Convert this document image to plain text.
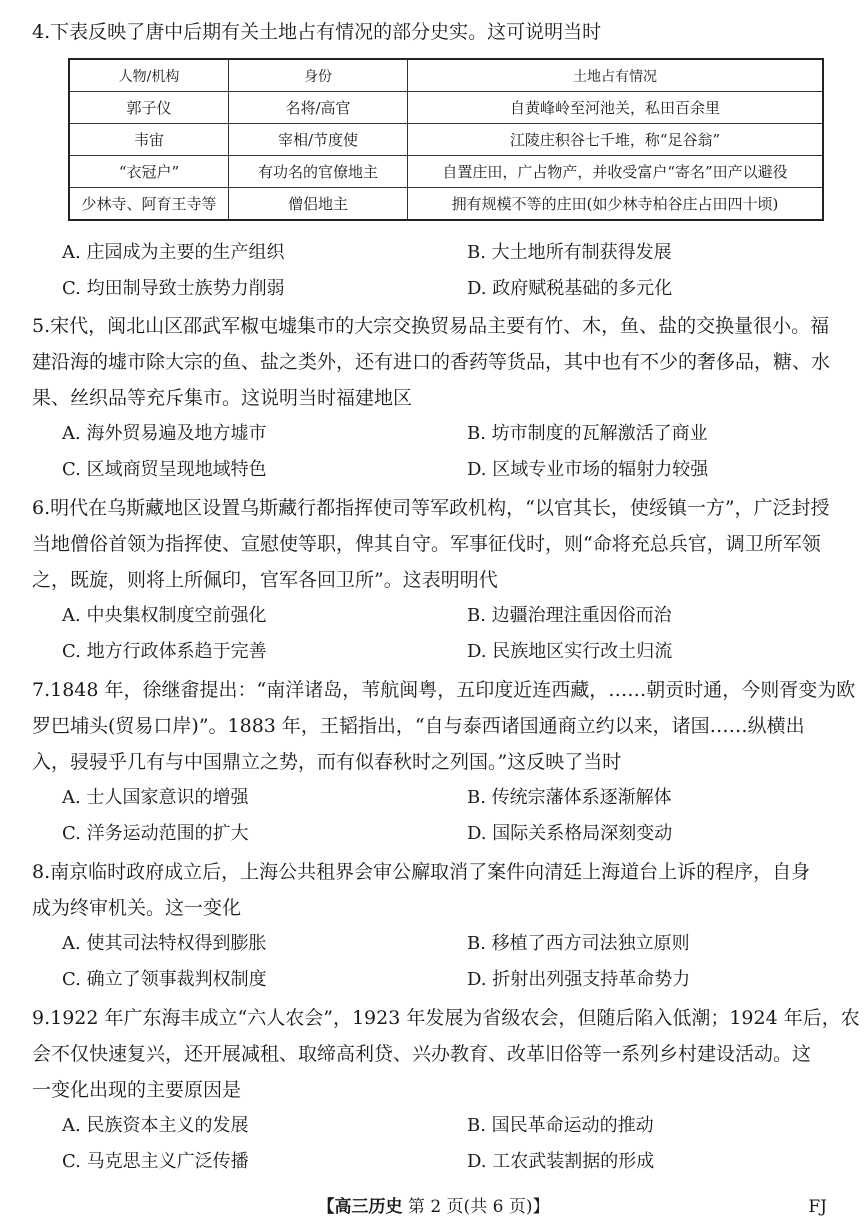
4.下表反映了唐中后期有关土地占有情况的部分史实。这可说明当时
人物/机构	身份	土地占有情况
郭子仪	名将/高官	自黄峰岭至河池关，私田百余里
韦宙	宰相/节度使	江陵庄积谷七千堆，称“足谷翁”
“衣冠户”	有功名的官僚地主	自置庄田，广占物产，并收受富户“寄名”田产以避役
少林寺、阿育王寺等	僧侣地主	拥有规模不等的庄田(如少林寺柏谷庄占田四十顷)
A. 庄园成为主要的生产组织	B. 大土地所有制获得发展
C. 均田制导致士族势力削弱	D. 政府赋税基础的多元化
5.宋代，闽北山区邵武军椒屯墟集市的大宗交换贸易品主要有竹、木，鱼、盐的交换量很小。福
建沿海的墟市除大宗的鱼、盐之类外，还有进口的香药等货品，其中也有不少的奢侈品，糖、水
果、丝织品等充斥集市。这说明当时福建地区
A. 海外贸易遍及地方墟市	B. 坊市制度的瓦解激活了商业
C. 区域商贸呈现地域特色	D. 区域专业市场的辐射力较强
6.明代在乌斯藏地区设置乌斯藏行都指挥使司等军政机构，“以官其长，使绥镇一方”，广泛封授
当地僧俗首领为指挥使、宣慰使等职，俾其自守。军事征伐时，则“命将充总兵官，调卫所军领
之，既旋，则将上所佩印，官军各回卫所”。这表明明代
A. 中央集权制度空前强化	B. 边疆治理注重因俗而治
C. 地方行政体系趋于完善	D. 民族地区实行改土归流
7.1848 年，徐继畬提出：“南洋诸岛，苇航闽粤，五印度近连西藏，……朝贡时通，今则胥变为欧
罗巴埔头(贸易口岸)”。1883 年，王韬指出，“自与泰西诸国通商立约以来，诸国……纵横出
入，骎骎乎几有与中国鼎立之势，而有似春秋时之列国。”这反映了当时
A. 士人国家意识的增强	B. 传统宗藩体系逐渐解体
C. 洋务运动范围的扩大	D. 国际关系格局深刻变动
8.南京临时政府成立后，上海公共租界会审公廨取消了案件向清廷上海道台上诉的程序，自身
成为终审机关。这一变化
A. 使其司法特权得到膨胀	B. 移植了西方司法独立原则
C. 确立了领事裁判权制度	D. 折射出列强支持革命势力
9.1922 年广东海丰成立“六人农会”，1923 年发展为省级农会，但随后陷入低潮；1924 年后，农
会不仅快速复兴，还开展减租、取缔高利贷、兴办教育、改革旧俗等一系列乡村建设活动。这
一变化出现的主要原因是
A. 民族资本主义的发展	B. 国民革命运动的推动
C. 马克思主义广泛传播	D. 工农武装割据的形成
【高三历史 第 2 页(共 6 页)】	FJ
